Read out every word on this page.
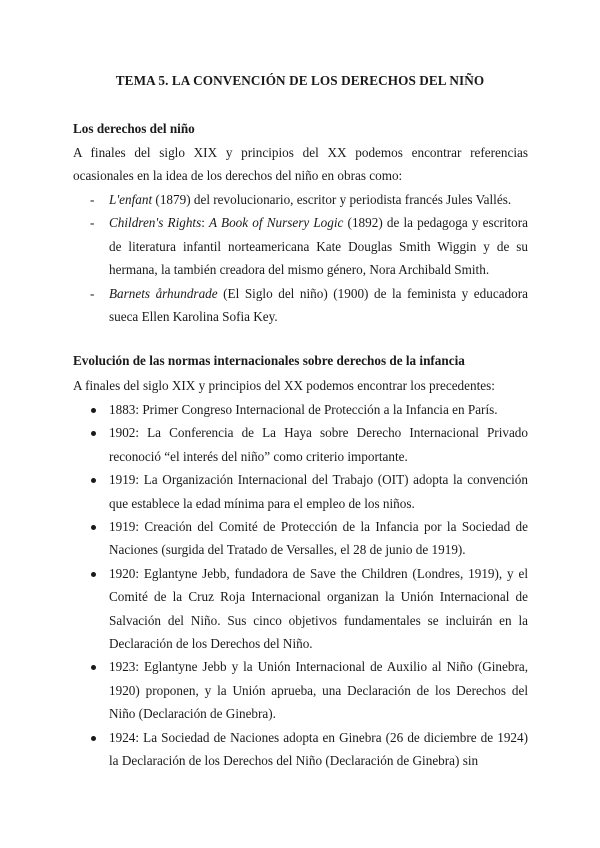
TEMA 5. LA CONVENCIÓN DE LOS DERECHOS DEL NIÑO
Los derechos del niño

A finales del siglo XIX y principios del XX podemos encontrar referencias ocasionales en la idea de los derechos del niño en obras como:

- L'enfant (1879) del revolucionario, escritor y periodista francés Jules Vallés.
- Children's Rights: A Book of Nursery Logic (1892) de la pedagoga y escritora de literatura infantil norteamericana Kate Douglas Smith Wiggin y de su hermana, la también creadora del mismo género, Nora Archibald Smith.
- Barnets århundrade (El Siglo del niño) (1900) de la feminista y educadora sueca Ellen Karolina Sofia Key.
Evolución de las normas internacionales sobre derechos de la infancia

A finales del siglo XIX y principios del XX podemos encontrar los precedentes:

1883: Primer Congreso Internacional de Protección a la Infancia en París.
1902: La Conferencia de La Haya sobre Derecho Internacional Privado reconoció “el interés del niño” como criterio importante.
1919: La Organización Internacional del Trabajo (OIT) adopta la convención que establece la edad mínima para el empleo de los niños.
1919: Creación del Comité de Protección de la Infancia por la Sociedad de Naciones (surgida del Tratado de Versalles, el 28 de junio de 1919).
1920: Eglantyne Jebb, fundadora de Save the Children (Londres, 1919), y el Comité de la Cruz Roja Internacional organizan la Unión Internacional de Salvación del Niño. Sus cinco objetivos fundamentales se incluirán en la Declaración de los Derechos del Niño.
1923: Eglantyne Jebb y la Unión Internacional de Auxilio al Niño (Ginebra, 1920) proponen, y la Unión aprueba, una Declaración de los Derechos del Niño (Declaración de Ginebra).
1924: La Sociedad de Naciones adopta en Ginebra (26 de diciembre de 1924) la Declaración de los Derechos del Niño (Declaración de Ginebra) sin
